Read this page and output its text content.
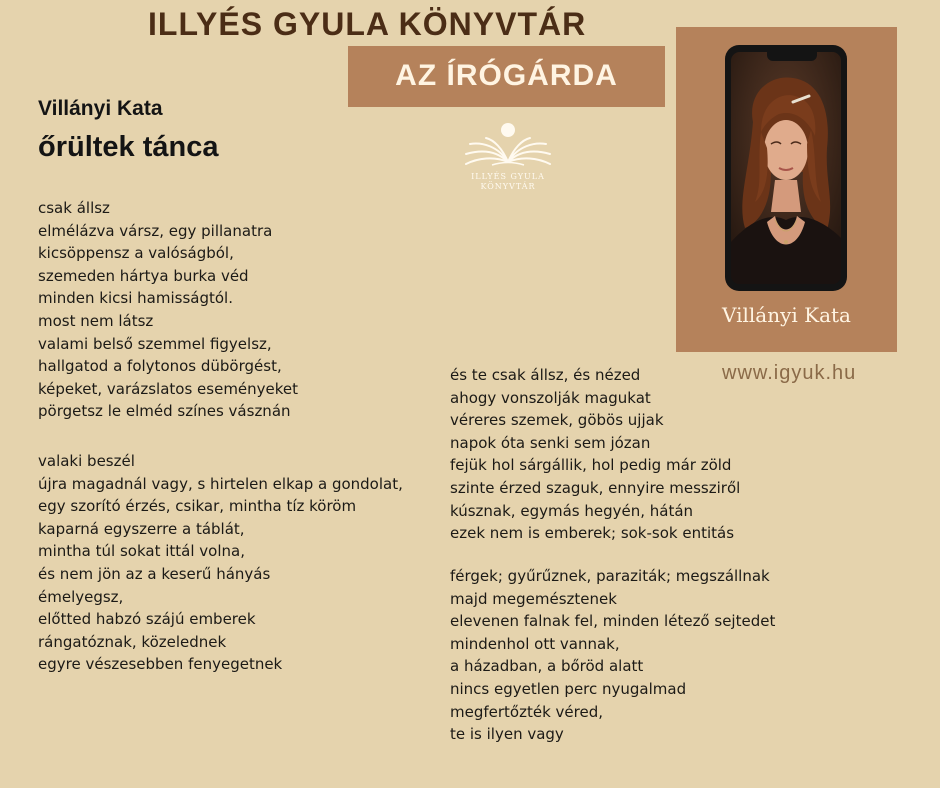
ILLYÉS GYULA KÖNYVTÁR
AZ ÍRÓGÁRDA
Villányi Kata
őrültek tánca
ILLYÉS GYULA
KÖNYVTÁR
csak állsz
elmélázva vársz, egy pillanatra
kicsöppensz a valóságból,
szemeden hártya burka véd
minden kicsi hamisságtól.
most nem látsz
valami belső szemmel figyelsz,
hallgatod a folytonos dübörgést,
képeket, varázslatos eseményeket
pörgetsz le elméd színes vásznán
valaki beszél
újra magadnál vagy, s hirtelen elkap a gondolat,
egy szorító érzés, csikar, mintha tíz köröm
kaparná egyszerre a táblát,
mintha túl sokat ittál volna,
és nem jön az a keserű hányás
émelyegsz,
előtted habzó szájú emberek
rángatóznak, közelednek
egyre vészesebben fenyegetnek
és te csak állsz, és nézed
ahogy vonszolják magukat
véreres szemek, göbös ujjak
napok óta senki sem józan
fejük hol sárgállik, hol pedig már zöld
szinte érzed szaguk, ennyire messziről
kúsznak, egymás hegyén, hátán
ezek nem is emberek; sok-sok entitás
férgek; gyűrűznek, paraziták; megszállnak
majd megemésztenek
elevenen falnak fel, minden létező sejtedet
mindenhol ott vannak,
a házadban, a bőröd alatt
nincs egyetlen perc nyugalmad
megfertőzték véred,
te is ilyen vagy
Villányi Kata
www.igyuk.hu
